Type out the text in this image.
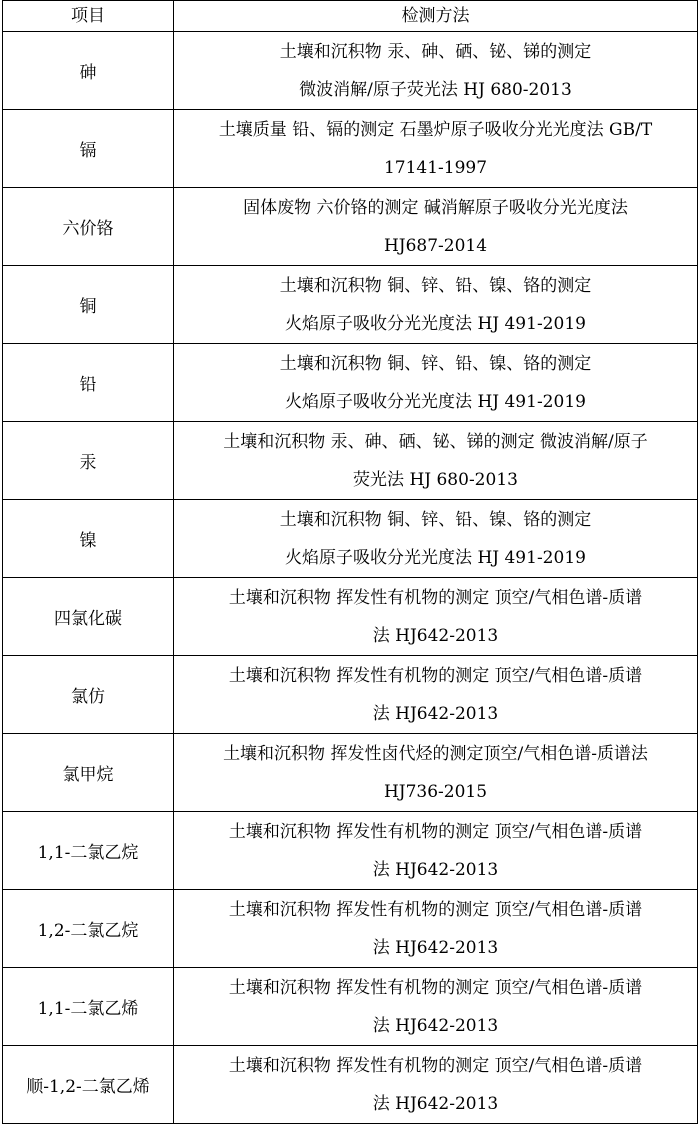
项目	检测方法
砷	土壤和沉积物 汞、砷、硒、铋、锑的测定
微波消解/原子荧光法 HJ 680-2013

镉	土壤质量 铅、镉的测定 石墨炉原子吸收分光光度法 GB/T
17141-1997

六价铬	固体废物 六价铬的测定 碱消解原子吸收分光光度法
HJ687-2014

铜	土壤和沉积物 铜、锌、铅、镍、铬的测定
火焰原子吸收分光光度法 HJ 491-2019

铅	土壤和沉积物 铜、锌、铅、镍、铬的测定
火焰原子吸收分光光度法 HJ 491-2019

汞	土壤和沉积物 汞、砷、硒、铋、锑的测定 微波消解/原子
荧光法 HJ 680-2013

镍	土壤和沉积物 铜、锌、铅、镍、铬的测定
火焰原子吸收分光光度法 HJ 491-2019

四氯化碳	土壤和沉积物 挥发性有机物的测定 顶空/气相色谱-质谱
法 HJ642-2013

氯仿	土壤和沉积物 挥发性有机物的测定 顶空/气相色谱-质谱
法 HJ642-2013

氯甲烷	土壤和沉积物 挥发性卤代烃的测定顶空/气相色谱-质谱法
HJ736-2015

1,1-二氯乙烷	土壤和沉积物 挥发性有机物的测定 顶空/气相色谱-质谱
法 HJ642-2013

1,2-二氯乙烷	土壤和沉积物 挥发性有机物的测定 顶空/气相色谱-质谱
法 HJ642-2013

1,1-二氯乙烯	土壤和沉积物 挥发性有机物的测定 顶空/气相色谱-质谱
法 HJ642-2013

顺-1,2-二氯乙烯	土壤和沉积物 挥发性有机物的测定 顶空/气相色谱-质谱
法 HJ642-2013
